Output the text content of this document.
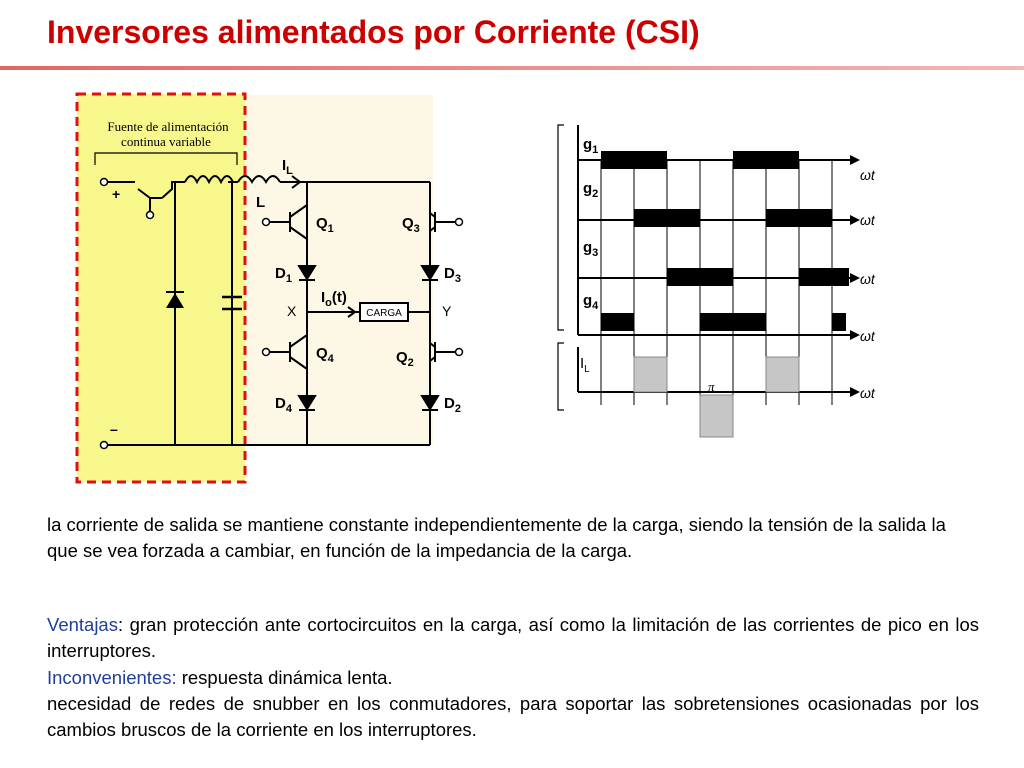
Inversores alimentados por Corriente (CSI)
Fuente de alimentación
continua variable
+
–
$I_L$
L
$Q_1$	$Q_3$
$Q_4$	$Q_2$
$D_1$	$D_3$
$D_4$	$D_2$
X	Y
$I_o(t)$
CARGA
$g_1$
$g_2$
$g_3$
$g_4$
$I_L$
ωt
ωt
ωt
ωt
ωt
π

la corriente de salida se mantiene constante independientemente de la carga, siendo la tensión de la salida la que se vea forzada a cambiar, en función de la impedancia de la carga.

Ventajas: gran protección ante cortocircuitos en la carga, así como la limitación de las corrientes de pico en los interruptores.
Inconvenientes: respuesta dinámica lenta.
necesidad de redes de snubber en los conmutadores, para soportar las sobretensiones ocasionadas por los cambios bruscos de la corriente en los interruptores.
